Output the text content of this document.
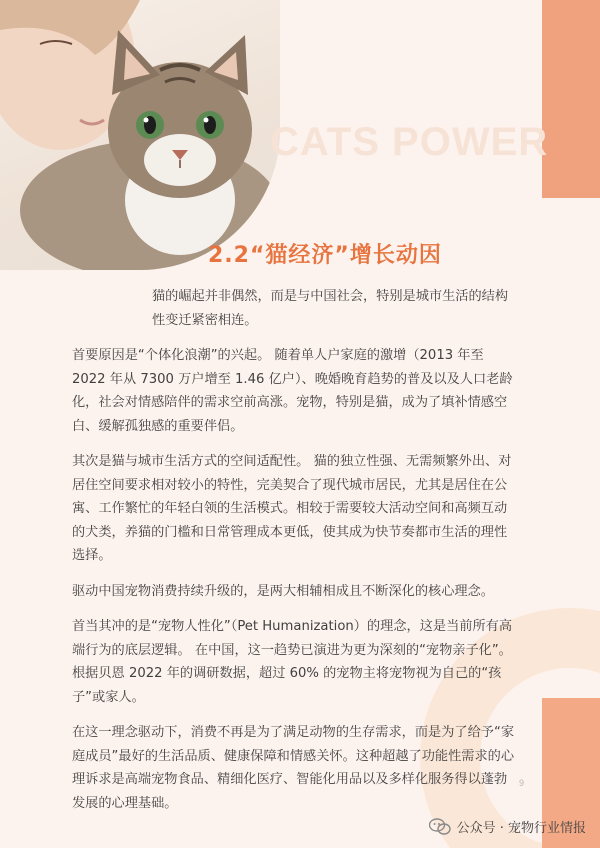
CATS POWER
2.2“猫经济”增长动因

猫的崛起并非偶然，而是与中国社会，特别是城市生活的结构性变迁紧密相连。

首要原因是“个体化浪潮”的兴起。 随着单人户家庭的激增（2013 年至 2022 年从 7300 万户增至 1.46 亿户）、晚婚晚育趋势的普及以及人口老龄化，社会对情感陪伴的需求空前高涨。宠物，特别是猫，成为了填补情感空白、缓解孤独感的重要伴侣。

其次是猫与城市生活方式的空间适配性。 猫的独立性强、无需频繁外出、对居住空间要求相对较小的特性，完美契合了现代城市居民，尤其是居住在公寓、工作繁忙的年轻白领的生活模式。相较于需要较大活动空间和高频互动的犬类，养猫的门槛和日常管理成本更低，使其成为快节奏都市生活的理性选择。

驱动中国宠物消费持续升级的，是两大相辅相成且不断深化的核心理念。

首当其冲的是“宠物人性化”（Pet Humanization）的理念，这是当前所有高端行为的底层逻辑。 在中国，这一趋势已演进为更为深刻的“宠物亲子化”。根据贝恩 2022 年的调研数据，超过 60% 的宠物主将宠物视为自己的“孩子”或家人。

在这一理念驱动下，消费不再是为了满足动物的生存需求，而是为了给予“家庭成员”最好的生活品质、健康保障和情感关怀。这种超越了功能性需求的心理诉求是高端宠物食品、精细化医疗、智能化用品以及多样化服务得以蓬勃发展的心理基础。

9
公众号 · 宠物行业情报
